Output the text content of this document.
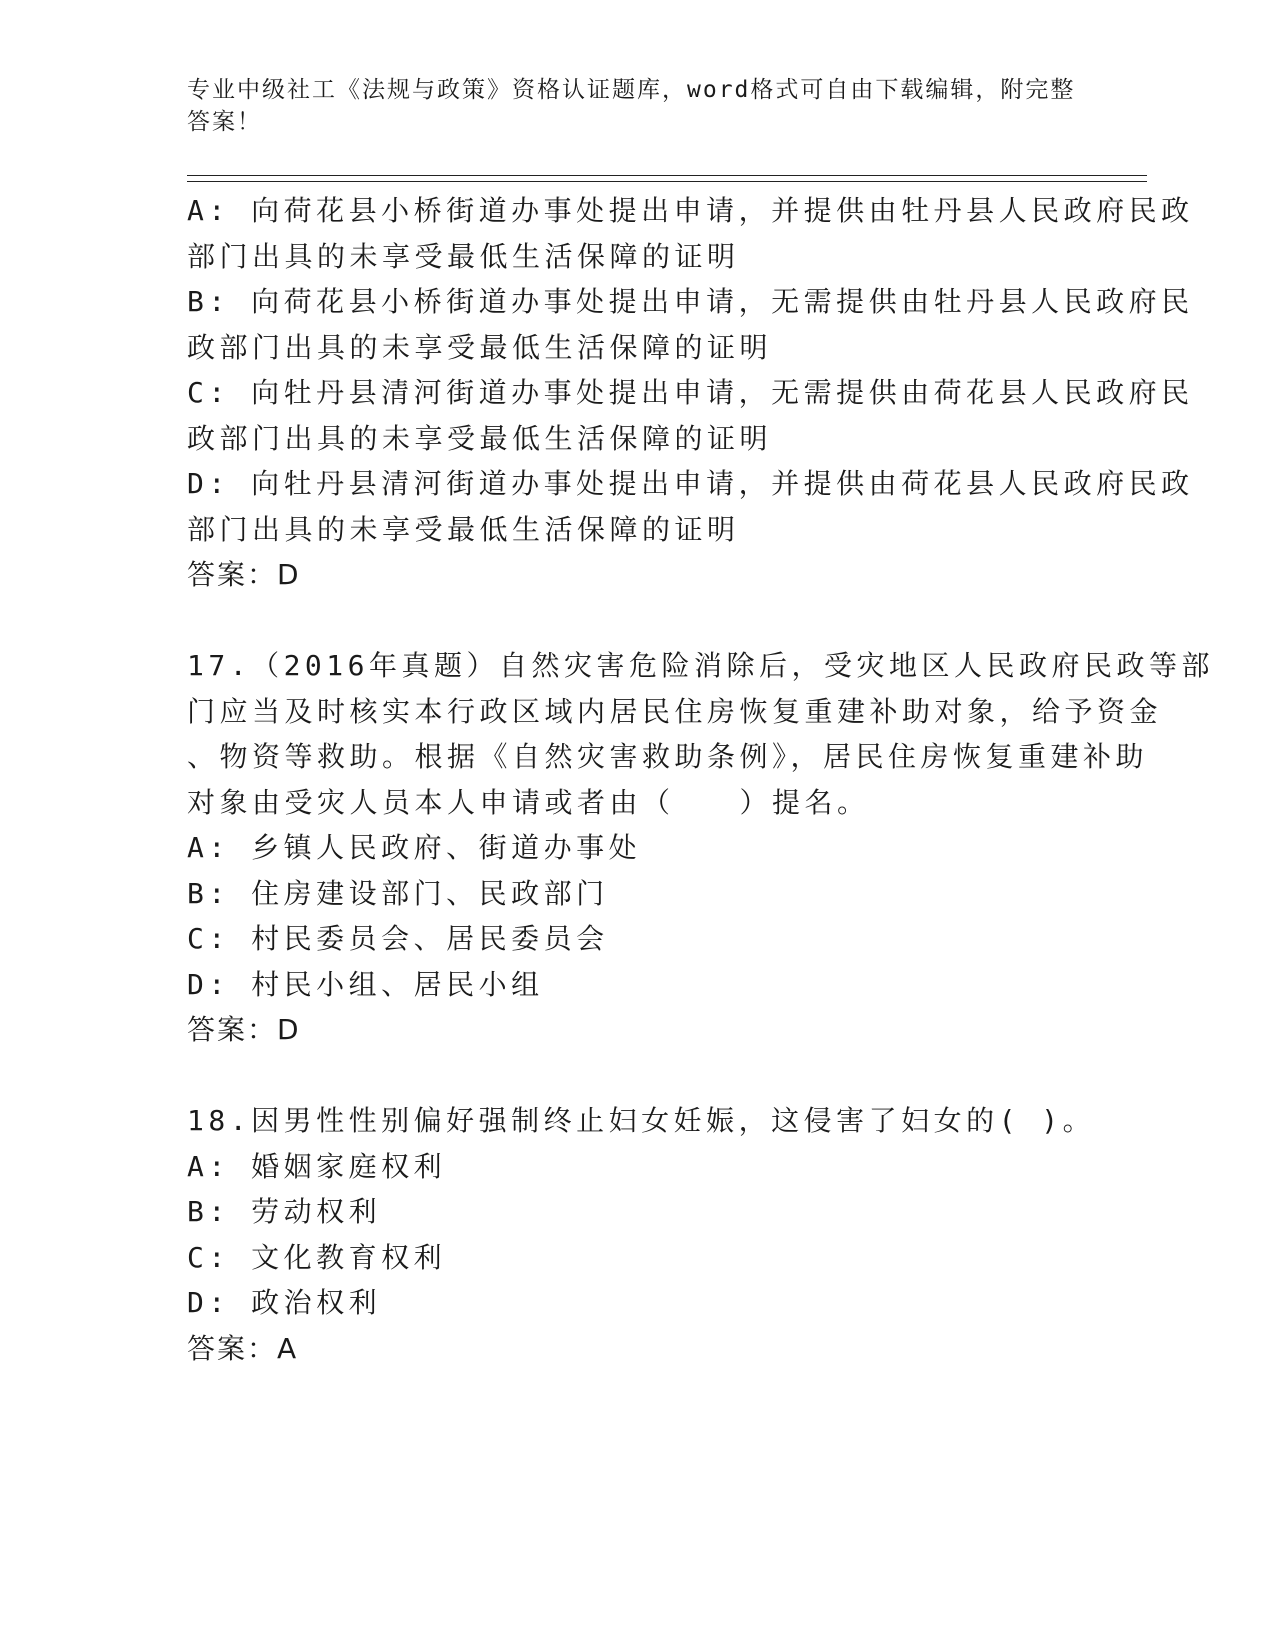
专业中级社工《法规与政策》资格认证题库，word格式可自由下载编辑，附完整
答案！
A: 向荷花县小桥街道办事处提出申请，并提供由牡丹县人民政府民政
部门出具的未享受最低生活保障的证明
B: 向荷花县小桥街道办事处提出申请，无需提供由牡丹县人民政府民
政部门出具的未享受最低生活保障的证明
C: 向牡丹县清河街道办事处提出申请，无需提供由荷花县人民政府民
政部门出具的未享受最低生活保障的证明
D: 向牡丹县清河街道办事处提出申请，并提供由荷花县人民政府民政
部门出具的未享受最低生活保障的证明
答案：D
17.（2016年真题）自然灾害危险消除后，受灾地区人民政府民政等部
门应当及时核实本行政区域内居民住房恢复重建补助对象，给予资金
、物资等救助。根据《自然灾害救助条例》，居民住房恢复重建补助
对象由受灾人员本人申请或者由（　　）提名。
A: 乡镇人民政府、街道办事处
B: 住房建设部门、民政部门
C: 村民委员会、居民委员会
D: 村民小组、居民小组
答案：D
18.因男性性别偏好强制终止妇女妊娠，这侵害了妇女的( )。
A: 婚姻家庭权利
B: 劳动权利
C: 文化教育权利
D: 政治权利
答案：A
